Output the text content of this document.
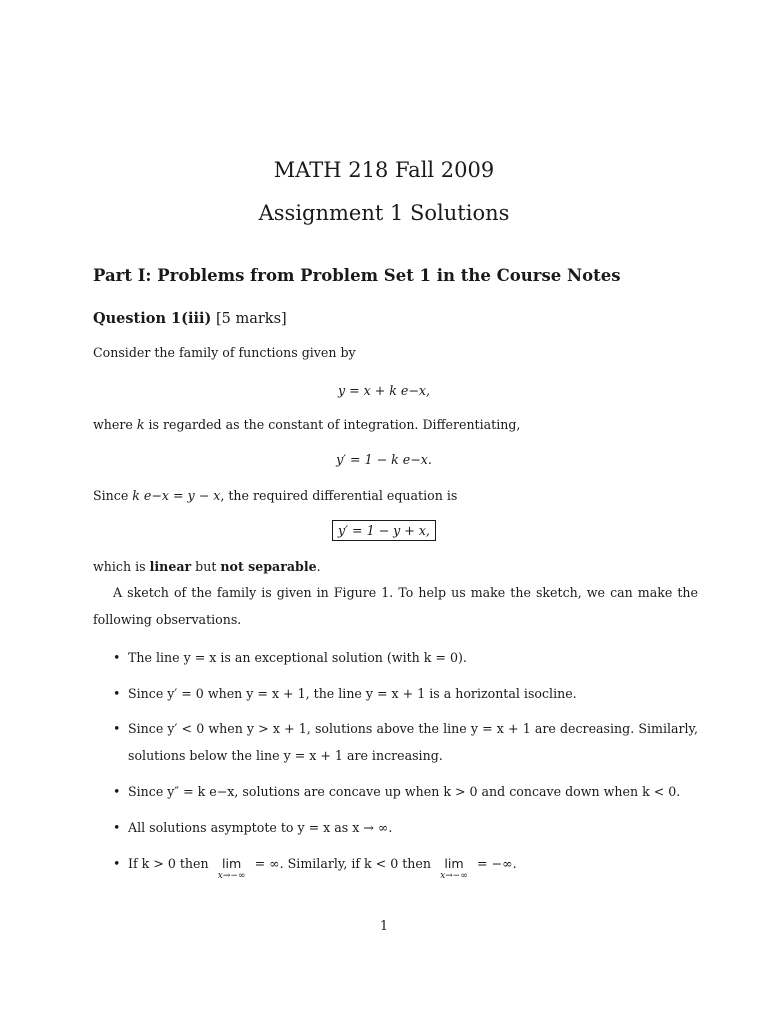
MATH 218 Fall 2009
Assignment 1 Solutions
Part I: Problems from Problem Set 1 in the Course Notes
Question 1(iii) [5 marks]
Consider the family of functions given by
y = x + k e−x,
where k is regarded as the constant of integration. Differentiating,
y′ = 1 − k e−x.
Since k e−x = y − x, the required differential equation is
y′ = 1 − y + x,
which is linear but not separable.
A sketch of the family is given in Figure 1. To help us make the sketch, we can make the
following observations.
• The line y = x is an exceptional solution (with k = 0).
• Since y′ = 0 when y = x + 1, the line y = x + 1 is a horizontal isocline.
• Since y′ < 0 when y > x + 1, solutions above the line y = x + 1 are decreasing. Similarly,
solutions below the line y = x + 1 are increasing.
• Since y″ = k e−x, solutions are concave up when k > 0 and concave down when k < 0.
• All solutions asymptote to y = x as x → ∞.
• If k > 0 then lim
x→−∞
= ∞. Similarly, if k < 0 then lim
x→−∞
= −∞.
1
